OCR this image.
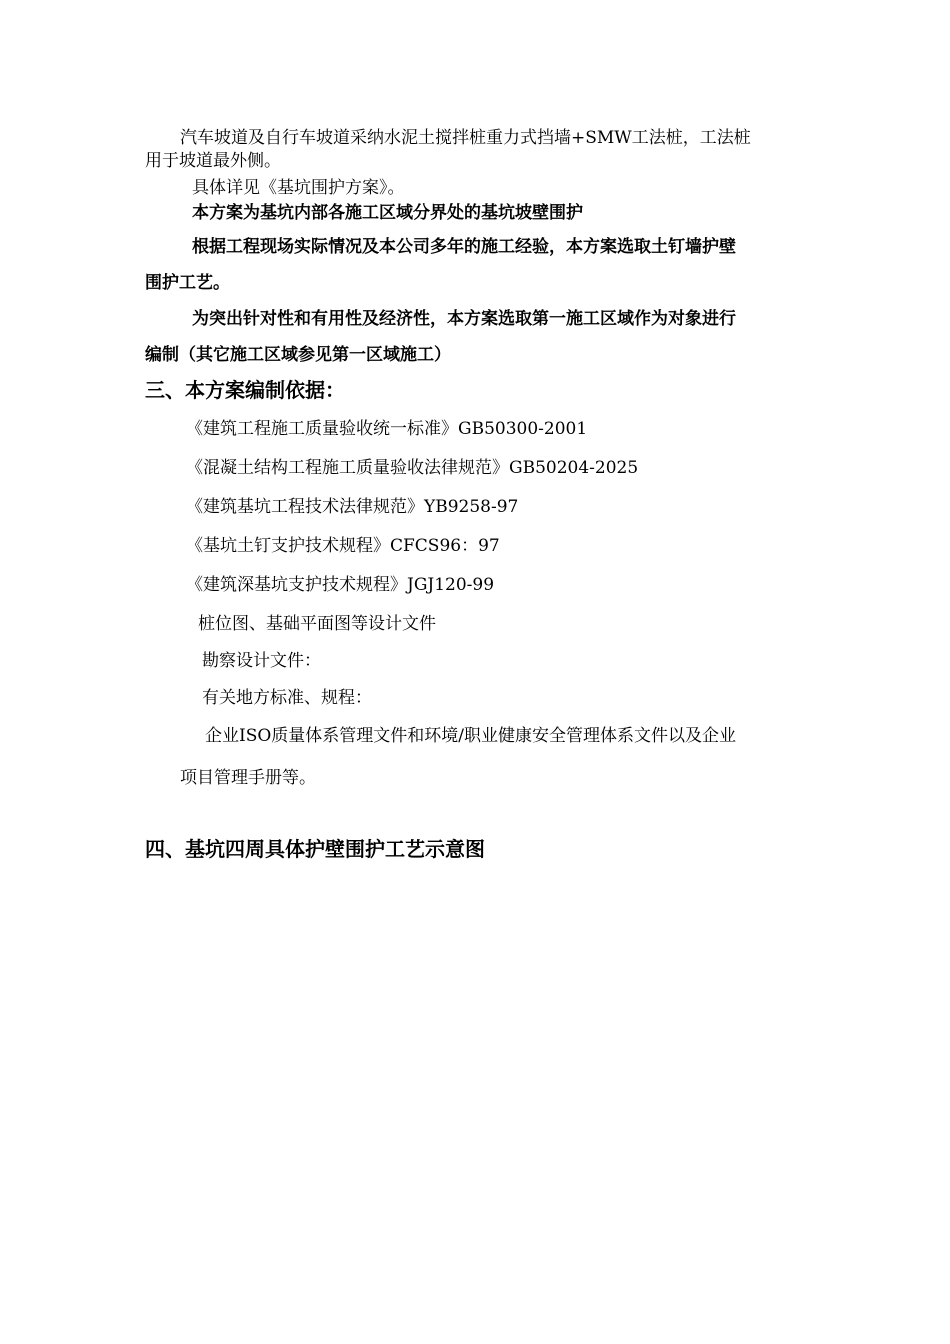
汽车坡道及自行车坡道采纳水泥土搅拌桩重力式挡墙+SMW工法桩，工法桩
用于坡道最外侧。
具体详见《基坑围护方案》。
本方案为基坑内部各施工区域分界处的基坑坡壁围护
根据工程现场实际情况及本公司多年的施工经验，本方案选取土钉墙护壁
围护工艺。
为突出针对性和有用性及经济性，本方案选取第一施工区域作为对象进行
编制（其它施工区域参见第一区域施工）
三、本方案编制依据：
《建筑工程施工质量验收统一标准》GB50300-2001
《混凝土结构工程施工质量验收法律规范》GB50204-2025
《建筑基坑工程技术法律规范》YB9258-97
《基坑土钉支护技术规程》CFCS96：97
《建筑深基坑支护技术规程》JGJ120-99
桩位图、基础平面图等设计文件
勘察设计文件：
有关地方标准、规程：
企业ISO质量体系管理文件和环境/职业健康安全管理体系文件以及企业
项目管理手册等。
四、基坑四周具体护壁围护工艺示意图
